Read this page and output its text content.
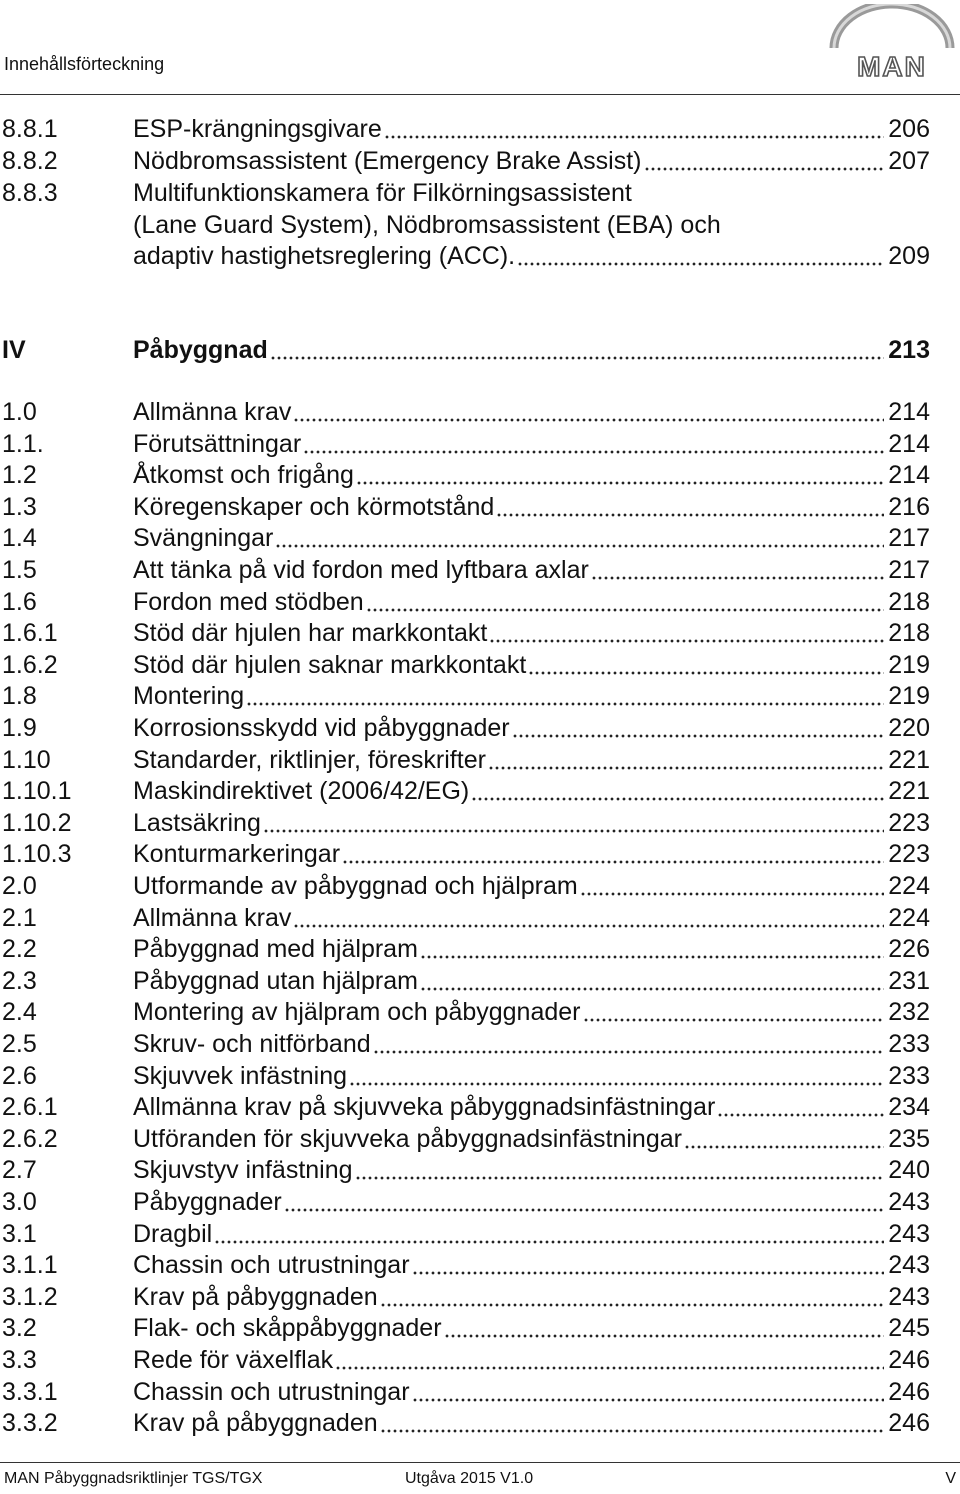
Innehållsförteckning	MAN
8.8.1	ESP-krängningsgivare	206
8.8.2	Nödbromsassistent (Emergency Brake Assist)	207
8.8.3	Multifunktionskamera för Filkörningsassistent
(Lane Guard System), Nödbromsassistent (EBA) och
adaptiv hastighetsreglering (ACC).	209
IV	Påbyggnad	213
1.0	Allmänna krav	214
1.1.	Förutsättningar	214
1.2	Åtkomst och frigång	214
1.3	Köregenskaper och körmotstånd	216
1.4	Svängningar	217
1.5	Att tänka på vid fordon med lyftbara axlar	217
1.6	Fordon med stödben	218
1.6.1	Stöd där hjulen har markkontakt	218
1.6.2	Stöd där hjulen saknar markkontakt	219
1.8	Montering	219
1.9	Korrosionsskydd vid påbyggnader	220
1.10	Standarder, riktlinjer, föreskrifter	221
1.10.1 Maskindirektivet (2006/42/EG)	221
1.10.2 Lastsäkring	223
1.10.3 Konturmarkeringar	223
2.0	Utformande av påbyggnad och hjälpram	224
2.1	Allmänna krav	224
2.2	Påbyggnad med hjälpram	226
2.3	Påbyggnad utan hjälpram	231
2.4	Montering av hjälpram och påbyggnader	232
2.5	Skruv- och nitförband	233
2.6	Skjuvvek infästning	233
2.6.1	Allmänna krav på skjuvveka påbyggnadsinfästningar	234
2.6.2	Utföranden för skjuvveka påbyggnadsinfästningar	235
2.7	Skjuvstyv infästning	240
3.0	Påbyggnader	243
3.1	Dragbil	243
3.1.1	Chassin och utrustningar	243
3.1.2	Krav på påbyggnaden	243
3.2	Flak- och skåppåbyggnader	245
3.3	Rede för växelflak	246
3.3.1	Chassin och utrustningar	246
3.3.2	Krav på påbyggnaden	246
MAN Påbyggnadsriktlinjer TGS/TGX	Utgåva 2015 V1.0	V
